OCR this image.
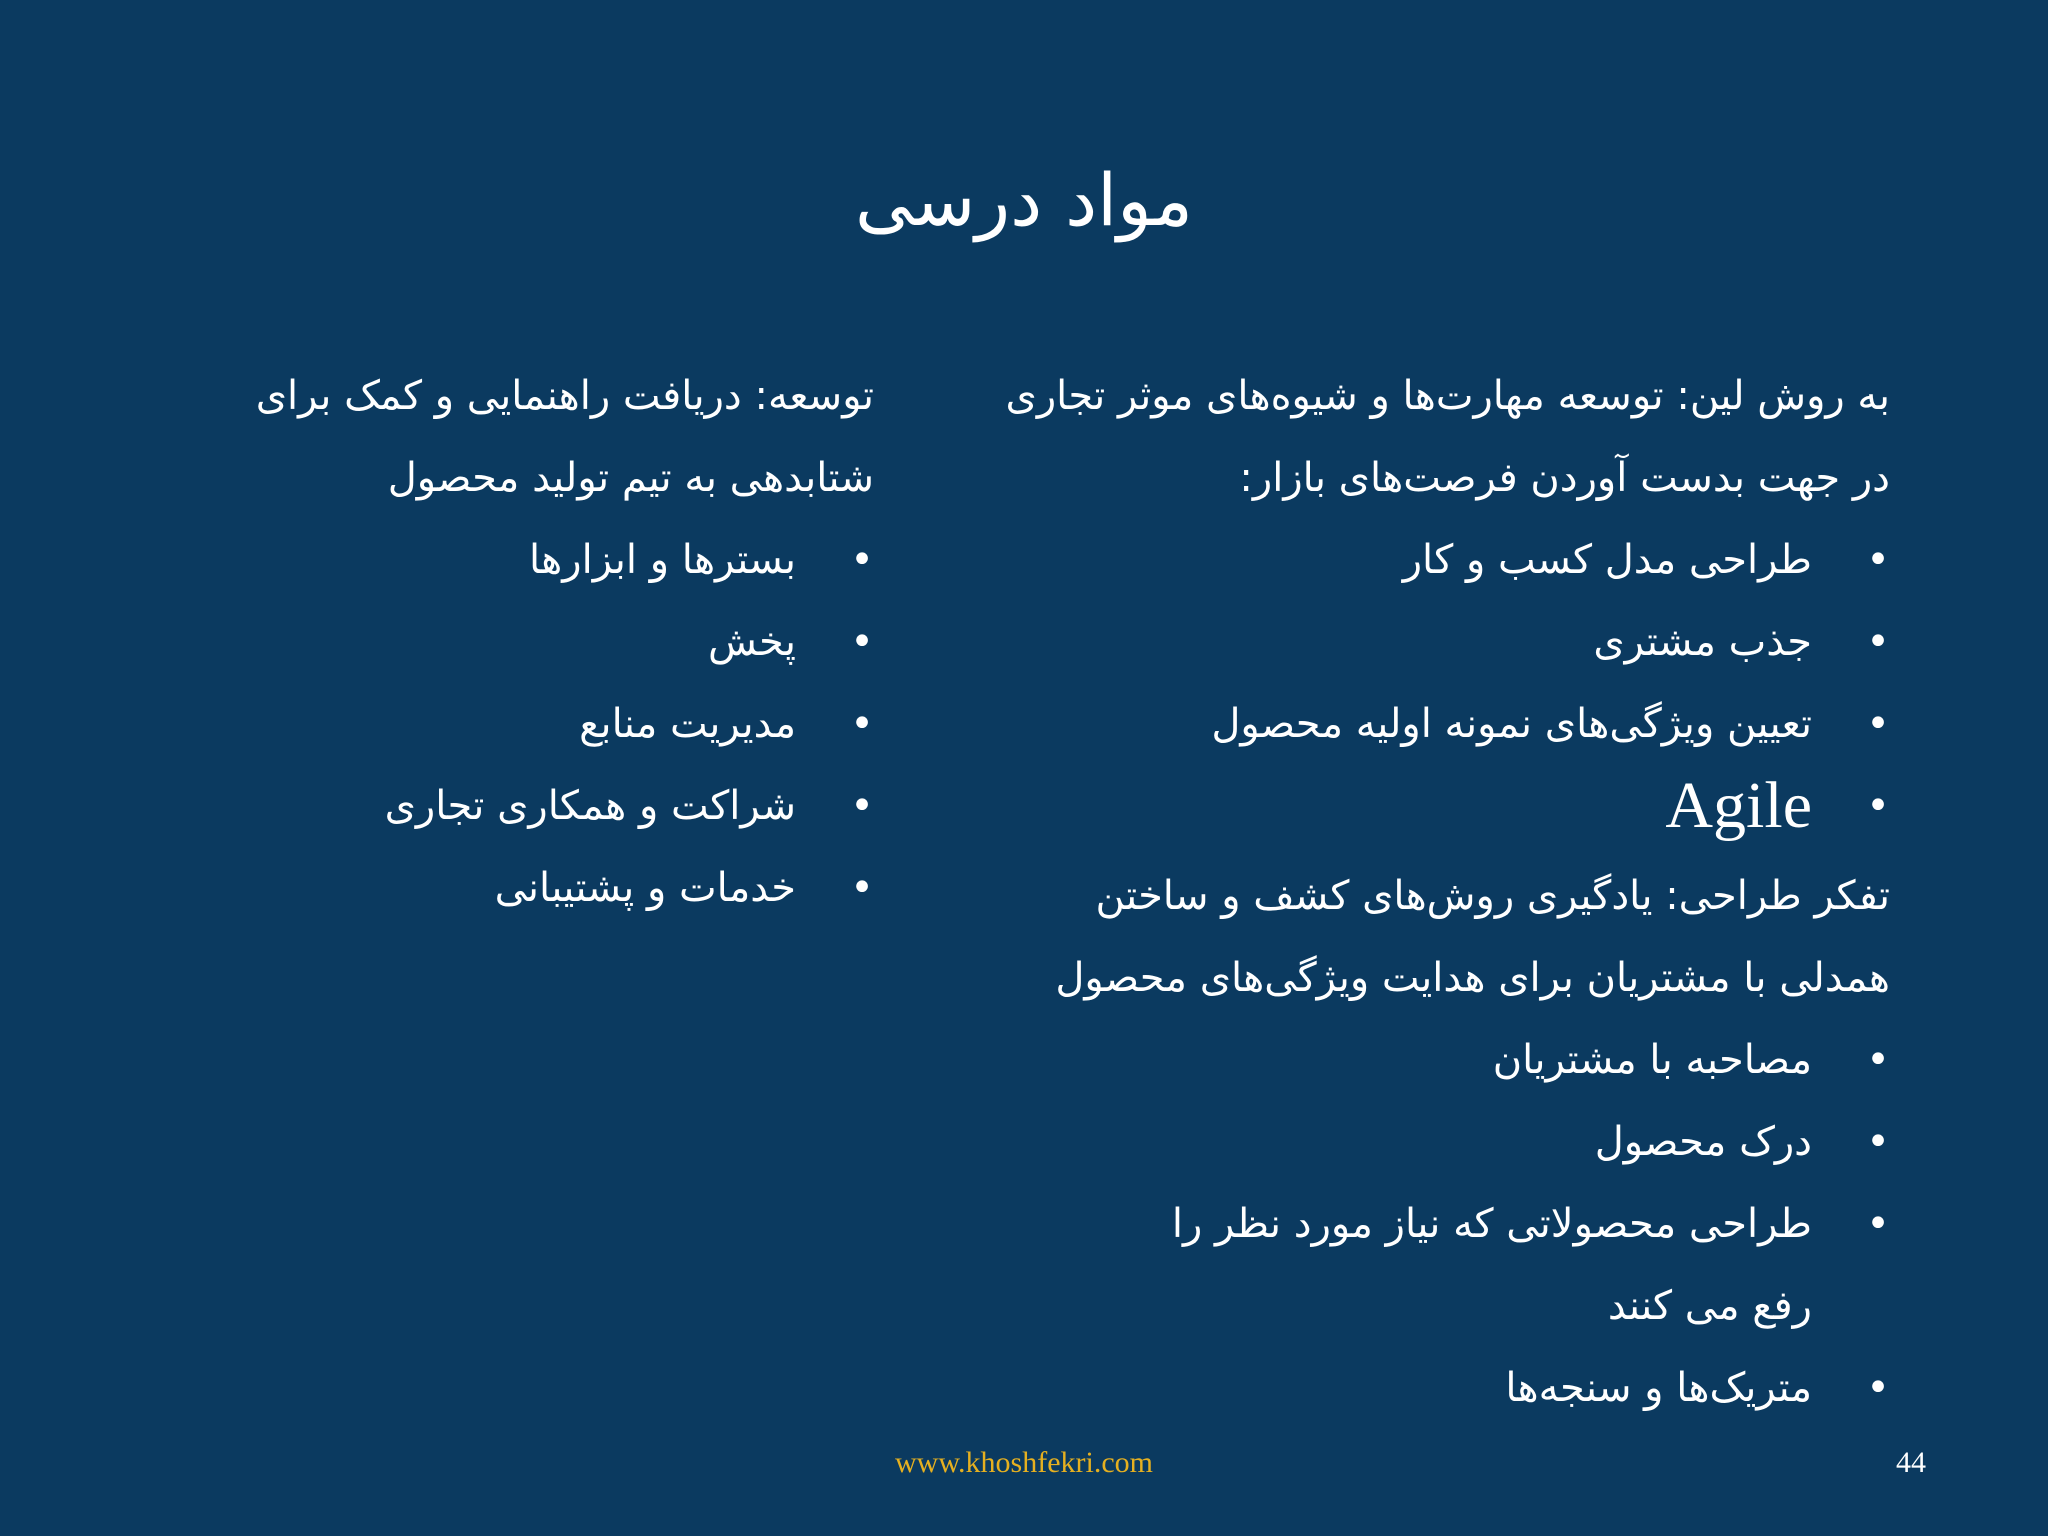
مواد درسی

به روش لین: توسعه مهارت‌ها و شیوه‌های موثر تجاری

در جهت بدست آوردن فرصت‌های بازار:

•
طراحی مدل کسب و کار
•
جذب مشتری
•
تعیین ویژگی‌های نمونه اولیه محصول
•
Agile

تفکر طراحی: یادگیری روش‌های کشف و ساختن

همدلی با مشتریان برای هدایت ویژگی‌های محصول

•
مصاحبه با مشتریان
•
درک محصول
•
طراحی محصولاتی که نیاز مورد نظر را رفع می کنند
•
متریک‌ها و سنجه‌ها

توسعه: دریافت راهنمایی و کمک برای

شتابدهی به تیم تولید محصول

•
بسترها و ابزارها
•
پخش
•
مدیریت منابع
•
شراکت و همکاری تجاری
•
خدمات و پشتیبانی
www.khoshfekri.com	44
